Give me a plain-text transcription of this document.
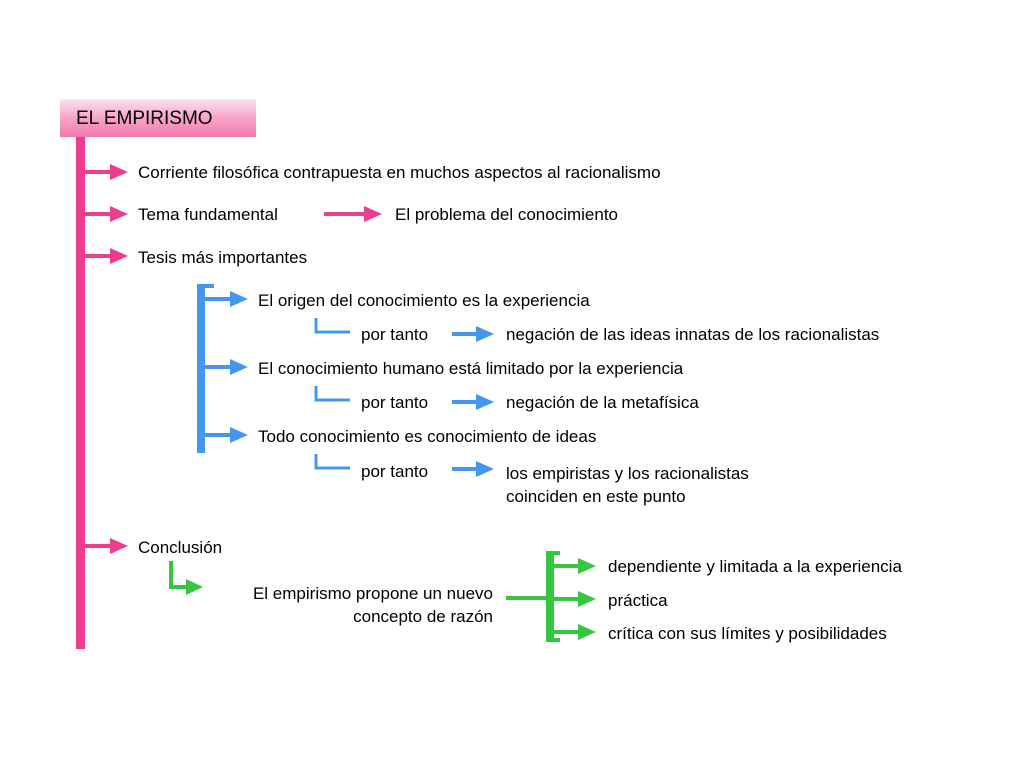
EL EMPIRISMO
Corriente filosófica contrapuesta en muchos aspectos al racionalismo
Tema fundamental	El problema del conocimiento
Tesis más importantes
El origen del conocimiento es la experiencia
por tanto	negación de las ideas innatas de los racionalistas
El conocimiento humano está limitado por la experiencia
por tanto	negación de la metafísica
Todo conocimiento es conocimiento de ideas
por tanto	los empiristas y los racionalistas
coinciden en este punto
Conclusión
El empirismo propone un nuevo
concepto de razón
dependiente y limitada a la experiencia
práctica
crítica con sus límites y posibilidades
